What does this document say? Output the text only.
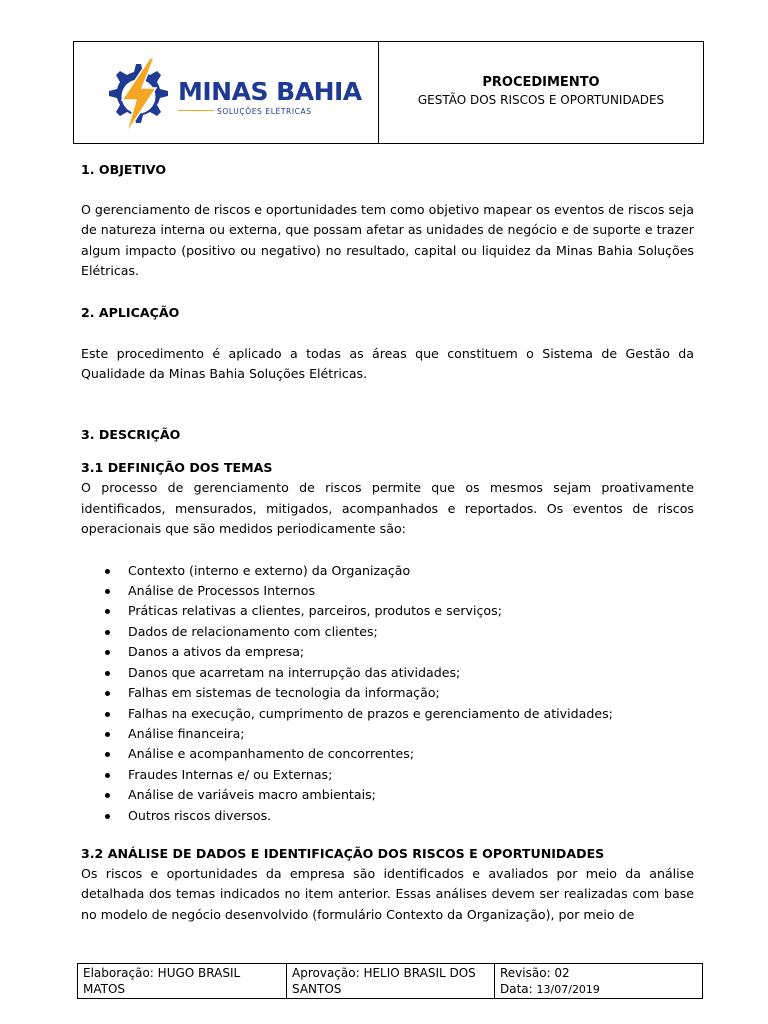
MINAS BAHIA
SOLUÇÕES ELÉTRICAS
PROCEDIMENTO
GESTÃO DOS RISCOS E OPORTUNIDADES
1. OBJETIVO

O gerenciamento de riscos e oportunidades tem como objetivo mapear os eventos de riscos seja de natureza interna ou externa, que possam afetar as unidades de negócio e de suporte e trazer algum impacto (positivo ou negativo) no resultado, capital ou liquidez da Minas Bahia Soluções Elétricas.

2. APLICAÇÃO

Este procedimento é aplicado a todas as áreas que constituem o Sistema de Gestão da Qualidade da Minas Bahia Soluções Elétricas.

3. DESCRIÇÃO
3.1 DEFINIÇÃO DOS TEMAS

O processo de gerenciamento de riscos permite que os mesmos sejam proativamente identificados, mensurados, mitigados, acompanhados e reportados. Os eventos de riscos operacionais que são medidos periodicamente são:

Contexto (interno e externo) da Organização
Análise de Processos Internos
Práticas relativas a clientes, parceiros, produtos e serviços;
Dados de relacionamento com clientes;
Danos a ativos da empresa;
Danos que acarretam na interrupção das atividades;
Falhas em sistemas de tecnologia da informação;
Falhas na execução, cumprimento de prazos e gerenciamento de atividades;
Análise financeira;
Análise e acompanhamento de concorrentes;
Fraudes Internas e/ ou Externas;
Análise de variáveis macro ambientais;
Outros riscos diversos.
3.2 ANÁLISE DE DADOS E IDENTIFICAÇÃO DOS RISCOS E OPORTUNIDADES

Os riscos e oportunidades da empresa são identificados e avaliados por meio da análise detalhada dos temas indicados no item anterior. Essas análises devem ser realizadas com base no modelo de negócio desenvolvido (formulário Contexto da Organização), por meio de

Elaboração: HUGO BRASIL MATOS
Aprovação: HELIO BRASIL DOS SANTOS
Revisão: 02
Data: 13/07/2019
